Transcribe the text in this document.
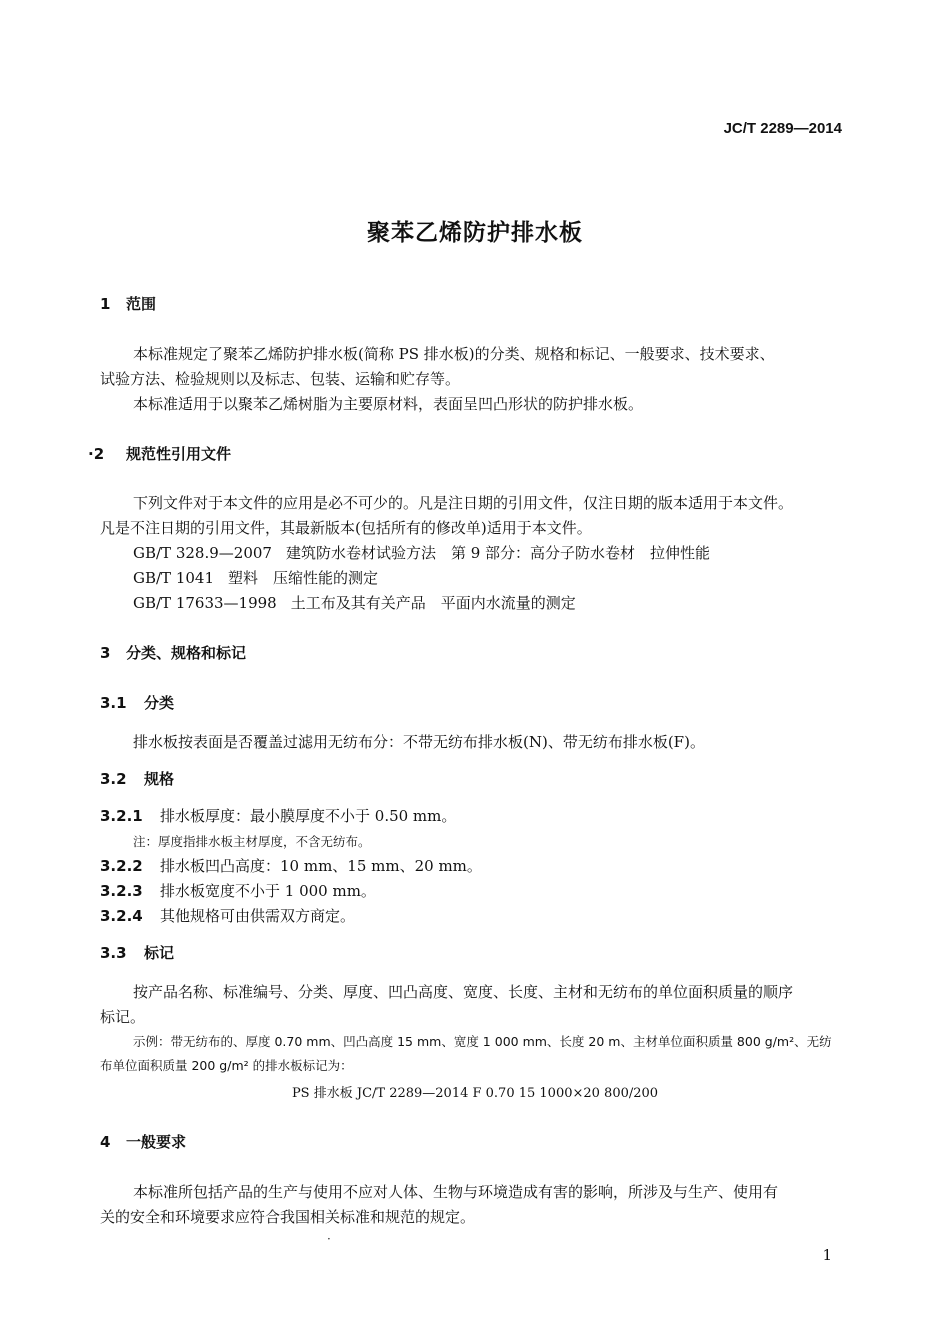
JC/T 2289—2014
聚苯乙烯防护排水板
1 范围
本标准规定了聚苯乙烯防护排水板(简称 PS 排水板)的分类、规格和标记、一般要求、技术要求、
试验方法、检验规则以及标志、包装、运输和贮存等。
本标准适用于以聚苯乙烯树脂为主要原材料，表面呈凹凸形状的防护排水板。
·2 规范性引用文件
下列文件对于本文件的应用是必不可少的。凡是注日期的引用文件，仅注日期的版本适用于本文件。
凡是不注日期的引用文件，其最新版本(包括所有的修改单)适用于本文件。
GB/T 328.9—2007 建筑防水卷材试验方法　第 9 部分：高分子防水卷材　拉伸性能
GB/T 1041 塑料　压缩性能的测定
GB/T 17633—1998 土工布及其有关产品　平面内水流量的测定
3 分类、规格和标记
3.1 分类
排水板按表面是否覆盖过滤用无纺布分：不带无纺布排水板(N)、带无纺布排水板(F)。
3.2 规格
3.2.1 排水板厚度：最小膜厚度不小于 0.50 mm。
注：厚度指排水板主材厚度，不含无纺布。
3.2.2 排水板凹凸高度：10 mm、15 mm、20 mm。
3.2.3 排水板宽度不小于 1 000 mm。
3.2.4 其他规格可由供需双方商定。
3.3 标记
按产品名称、标准编号、分类、厚度、凹凸高度、宽度、长度、主材和无纺布的单位面积质量的顺序
标记。
示例：带无纺布的、厚度 0.70 mm、凹凸高度 15 mm、宽度 1 000 mm、长度 20 m、主材单位面积质量 800 g/m²、无纺
布单位面积质量 200 g/m² 的排水板标记为：
PS 排水板 JC/T 2289—2014 F 0.70 15 1000×20 800/200
4 一般要求
本标准所包括产品的生产与使用不应对人体、生物与环境造成有害的影响，所涉及与生产、使用有
关的安全和环境要求应符合我国相关标准和规范的规定。
·
1
